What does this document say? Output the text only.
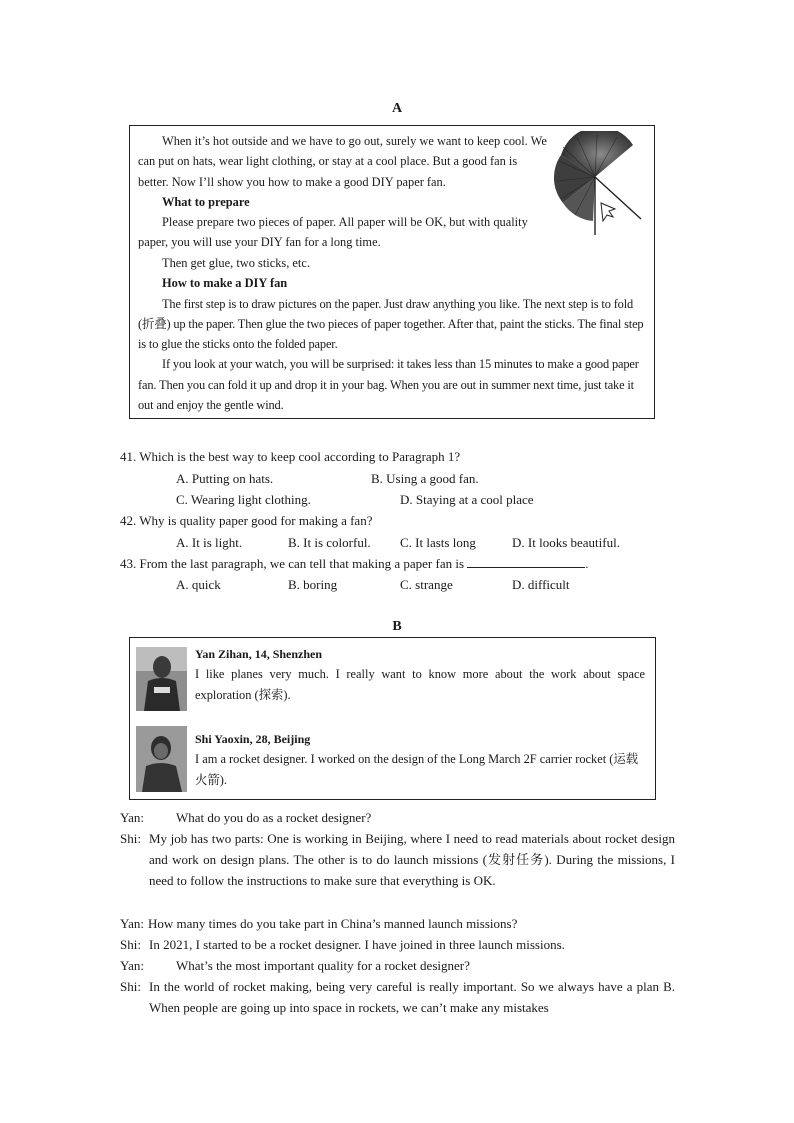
A

When it’s hot outside and we have to go out, surely we want to keep cool. We can put on hats, wear light clothing, or stay at a cool place. But a good fan is better. Now I’ll show you how to make a good DIY paper fan.

What to prepare

Please prepare two pieces of paper. All paper will be OK, but with quality paper, you will use your DIY fan for a long time.

Then get glue, two sticks, etc.

How to make a DIY fan

The first step is to draw pictures on the paper. Just draw anything you like. The next step is to fold (折叠) up the paper. Then glue the two pieces of paper together. After that, paint the sticks. The final step is to glue the sticks onto the folded paper.

If you look at your watch, you will be surprised: it takes less than 15 minutes to make a good paper fan. Then you can fold it up and drop it in your bag. When you are out in summer next time, just take it out and enjoy the gentle wind.

41. Which is the best way to keep cool according to Paragraph 1?
A. Putting on hats.	B. Using a good fan.
C. Wearing light clothing.	D. Staying at a cool place
42. Why is quality paper good for making a fan?
A. It is light.	B. It is colorful. C. It lasts long	D. It looks beautiful.
43. From the last paragraph, we can tell that making a paper fan is	.
A. quick	B. boring	C. strange	D. difficult
B
Yan Zihan, 14, Shenzhen
I like planes very much. I really want to know more about the work about space exploration (探索).
Shi Yaoxin, 28, Beijing
I am a rocket designer. I worked on the design of the Long March 2F carrier rocket (运载火箭).
Yan: What do you do as a rocket designer?
Shi: My job has two parts: One is working in Beijing, where I need to read materials about rocket design and work on design plans. The other is to do launch missions (发射任务). During the missions, I need to follow the instructions to make sure that everything is OK.
Yan: How many times do you take part in China’s manned launch missions?
Shi: In 2021, I started to be a rocket designer. I have joined in three launch missions.
Yan: What’s the most important quality for a rocket designer?
Shi: In the world of rocket making, being very careful is really important. So we always have a plan B. When people are going up into space in rockets, we can’t make any mistakes
